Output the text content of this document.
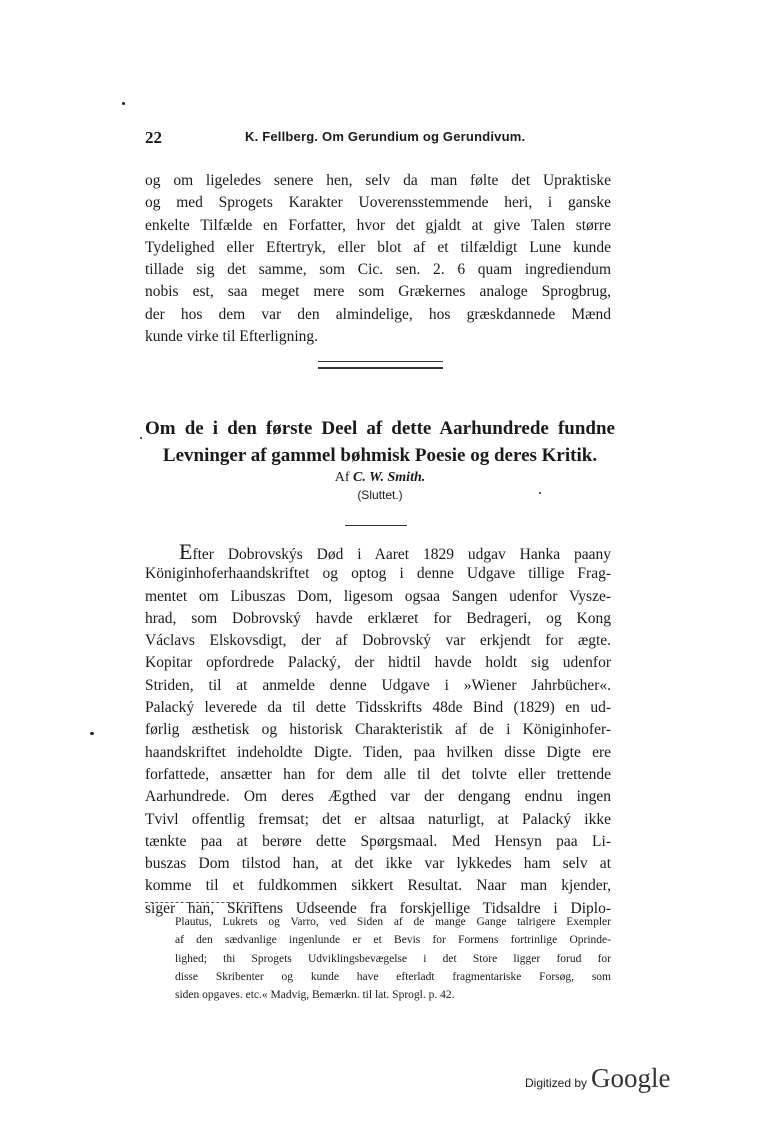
22	K. Fellberg. Om Gerundium og Gerundivum.
og om ligeledes senere hen, selv da man følte det Upraktiske
og med Sprogets Karakter Uoverensstemmende heri, i ganske
enkelte Tilfælde en Forfatter, hvor det gjaldt at give Talen større
Tydelighed eller Eftertryk, eller blot af et tilfældigt Lune kunde
tillade sig det samme, som Cic. sen. 2. 6 quam ingrediendum
nobis est, saa meget mere som Grækernes analoge Sprogbrug,
der hos dem var den almindelige, hos græskdannede Mænd
kunde virke til Efterligning.
Om de i den første Deel af dette Aarhundrede fundne
Levninger af gammel bøhmisk Poesie og deres Kritik.
Af C. W. Smith.
(Sluttet.)
Efter Dobrovskýs Død i Aaret 1829 udgav Hanka paany
Königinhoferhaandskriftet og optog i denne Udgave tillige Frag-
mentet om Libuszas Dom, ligesom ogsaa Sangen udenfor Vysze-
hrad, som Dobrovský havde erklæret for Bedrageri, og Kong
Václavs Elskovsdigt, der af Dobrovský var erkjendt for ægte.
Kopitar opfordrede Palacký, der hidtil havde holdt sig udenfor
Striden, til at anmelde denne Udgave i »Wiener Jahrbücher«.
Palacký leverede da til dette Tidsskrifts 48de Bind (1829) en ud-
førlig æsthetisk og historisk Charakteristik af de i Königinhofer-
haandskriftet indeholdte Digte. Tiden, paa hvilken disse Digte ere
forfattede, ansætter han for dem alle til det tolvte eller trettende
Aarhundrede. Om deres Ægthed var der dengang endnu ingen
Tvivl offentlig fremsat; det er altsaa naturligt, at Palacký ikke
tænkte paa at berøre dette Spørgsmaal. Med Hensyn paa Li-
buszas Dom tilstod han, at det ikke var lykkedes ham selv at
komme til et fuldkommen sikkert Resultat. Naar man kjender,
siger han, Skriftens Udseende fra forskjellige Tidsaldre i Diplo-
Plautus, Lukrets og Varro, ved Siden af de mange Gange talrigere Exempler
af den sædvanlige ingenlunde er et Bevis for Formens fortrinlige Oprinde-
lighed; thi Sprogets Udviklingsbevægelse i det Store ligger forud for
disse Skribenter og kunde have efterladt fragmentariske Forsøg, som
siden opgaves. etc.« Madvig, Bemærkn. til lat. Sprogl. p. 42.
Digitized by Google
